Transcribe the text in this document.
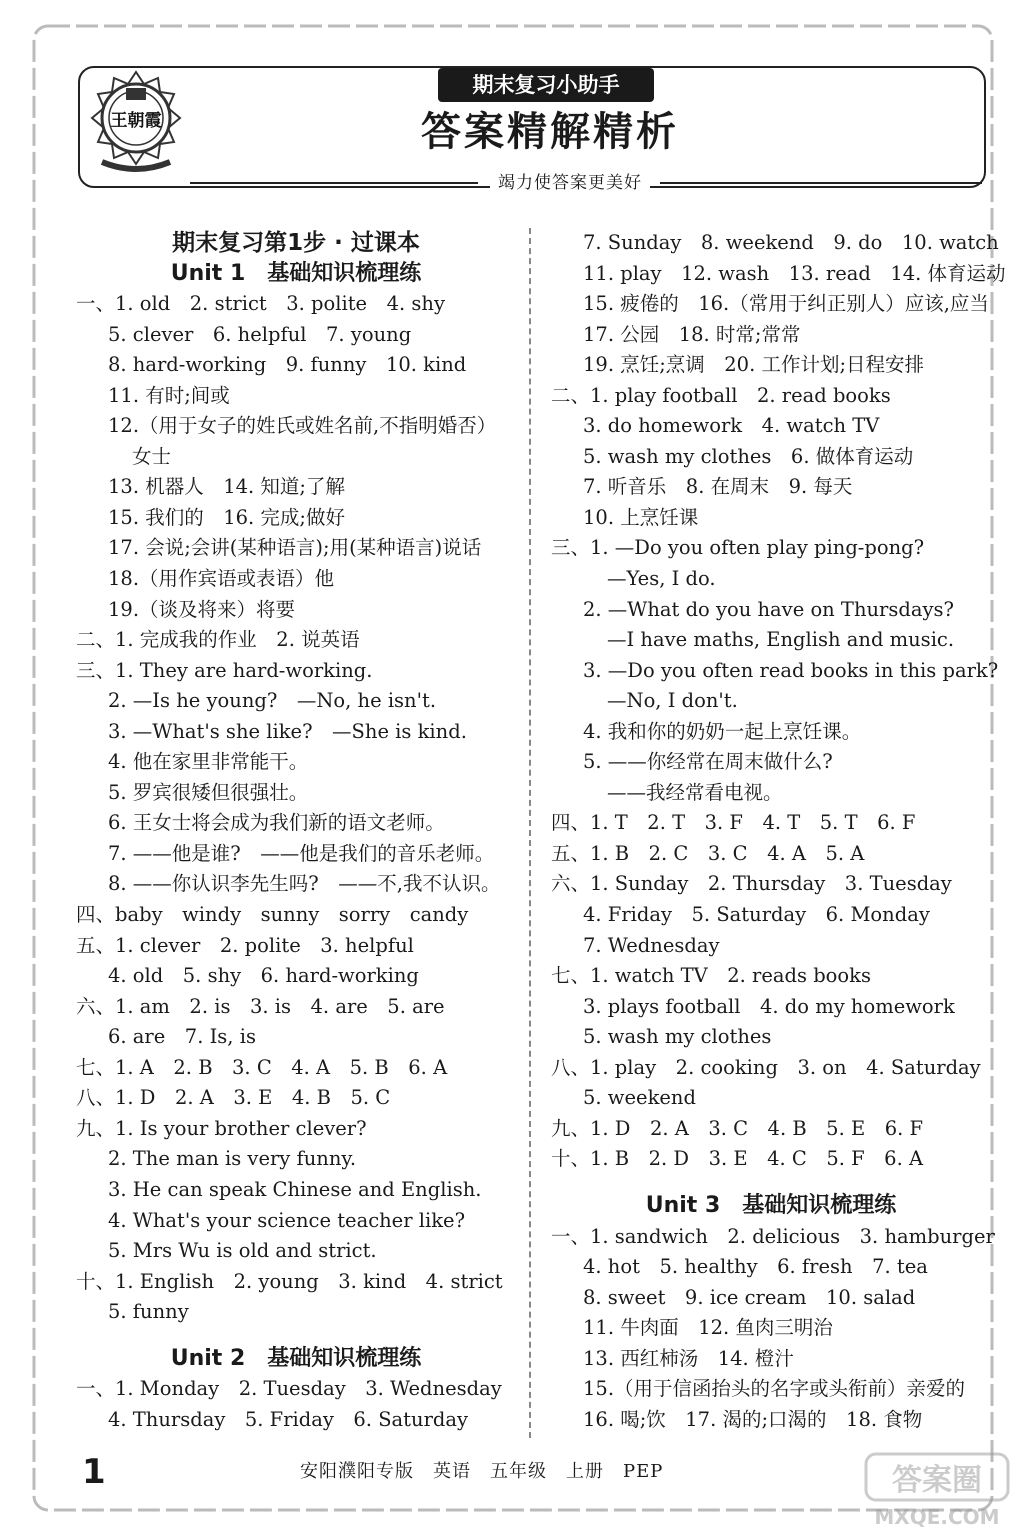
王朝霞
期末复习小助手
答案精解精析
竭力使答案更美好
期末复习第1步 · 过课本
Unit 1　基础知识梳理练
一、1. old　2. strict　3. polite　4. shy
5. clever　6. helpful　7. young
8. hard-working　9. funny　10. kind
11. 有时;间或
12.（用于女子的姓氏或姓名前,不指明婚否）
女士
13. 机器人　14. 知道;了解
15. 我们的　16. 完成;做好
17. 会说;会讲(某种语言);用(某种语言)说话
18.（用作宾语或表语）他
19.（谈及将来）将要
二、1. 完成我的作业　2. 说英语
三、1. They are hard-working.
2. —Is he young?　—No, he isn't.
3. —What's she like?　—She is kind.
4. 他在家里非常能干。
5. 罗宾很矮但很强壮。
6. 王女士将会成为我们新的语文老师。
7. ——他是谁?　——他是我们的音乐老师。
8. ——你认识李先生吗?　——不,我不认识。
四、baby　windy　sunny　sorry　candy
五、1. clever　2. polite　3. helpful
4. old　5. shy　6. hard-working
六、1. am　2. is　3. is　4. are　5. are
6. are　7. Is, is
七、1. A　2. B　3. C　4. A　5. B　6. A
八、1. D　2. A　3. E　4. B　5. C
九、1. Is your brother clever?
2. The man is very funny.
3. He can speak Chinese and English.
4. What's your science teacher like?
5. Mrs Wu is old and strict.
十、1. English　2. young　3. kind　4. strict
5. funny
Unit 2　基础知识梳理练
一、1. Monday　2. Tuesday　3. Wednesday
4. Thursday　5. Friday　6. Saturday
7. Sunday　8. weekend　9. do　10. watch
11. play　12. wash　13. read　14. 体育运动
15. 疲倦的　16.（常用于纠正别人）应该,应当
17. 公园　18. 时常;常常
19. 烹饪;烹调　20. 工作计划;日程安排
二、1. play football　2. read books
3. do homework　4. watch TV
5. wash my clothes　6. 做体育运动
7. 听音乐　8. 在周末　9. 每天
10. 上烹饪课
三、1. —Do you often play ping-pong?
—Yes, I do.
2. —What do you have on Thursdays?
—I have maths, English and music.
3. —Do you often read books in this park?
—No, I don't.
4. 我和你的奶奶一起上烹饪课。
5. ——你经常在周末做什么?
——我经常看电视。
四、1. T　2. T　3. F　4. T　5. T　6. F
五、1. B　2. C　3. C　4. A　5. A
六、1. Sunday　2. Thursday　3. Tuesday
4. Friday　5. Saturday　6. Monday
7. Wednesday
七、1. watch TV　2. reads books
3. plays football　4. do my homework
5. wash my clothes
八、1. play　2. cooking　3. on　4. Saturday
5. weekend
九、1. D　2. A　3. C　4. B　5. E　6. F
十、1. B　2. D　3. E　4. C　5. F　6. A
Unit 3　基础知识梳理练
一、1. sandwich　2. delicious　3. hamburger
4. hot　5. healthy　6. fresh　7. tea
8. sweet　9. ice cream　10. salad
11. 牛肉面　12. 鱼肉三明治
13. 西红柿汤　14. 橙汁
15.（用于信函抬头的名字或头衔前）亲爱的
16. 喝;饮　17. 渴的;口渴的　18. 食物
1	安阳濮阳专版　英语　五年级　上册　PEP	答案圈
MXQE.COM
